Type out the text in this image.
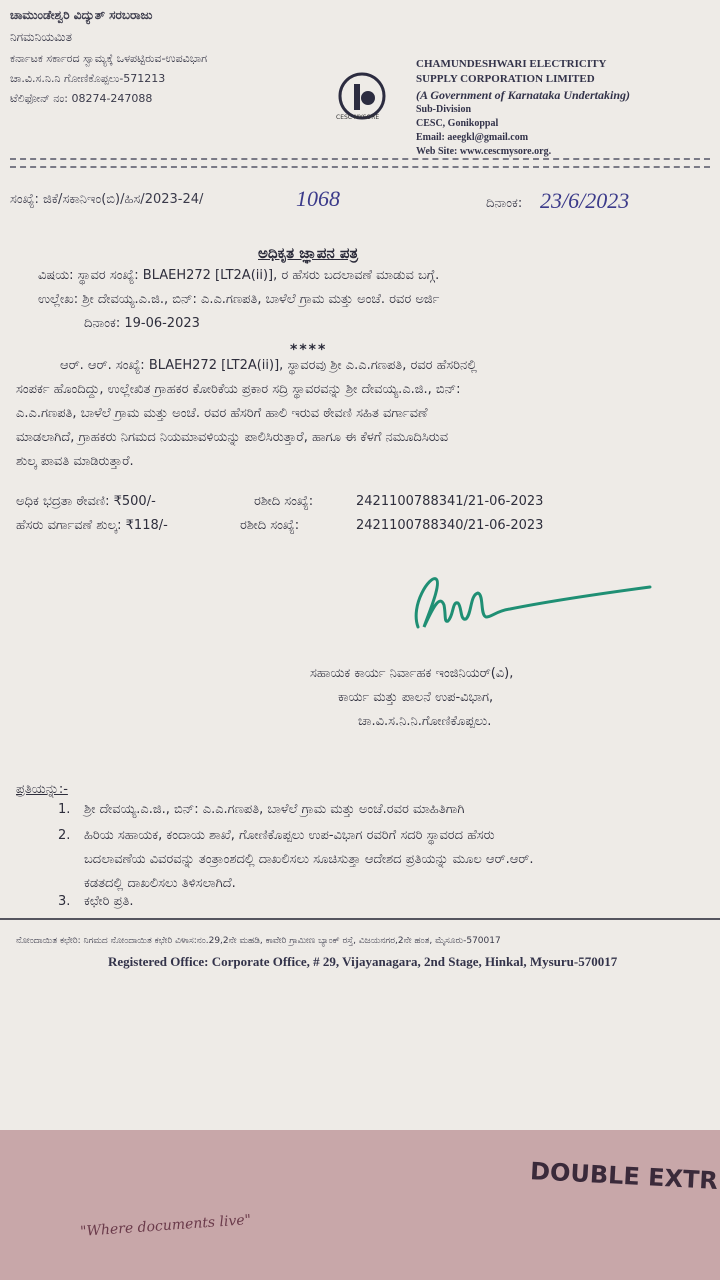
ಚಾಮುಂಡೇಶ್ವರಿ ವಿದ್ಯುತ್ ಸರಬರಾಜು
ನಿಗಮನಿಯಮಿತ
ಕರ್ನಾಟಕ ಸರ್ಕಾರದ ಸ್ವಾಮ್ಯಕ್ಕೆ ಒಳಪಟ್ಟಿರುವ-ಉಪವಿಭಾಗ
ಚಾ.ವಿ.ಸ.ನಿ.ನಿ ಗೋಣಿಕೊಪ್ಪಲು-571213
ಟೆಲಿಫೋನ್ ನಂ: 08274-247088
CESC MYSORE
CHAMUNDESHWARI ELECTRICITY
SUPPLY CORPORATION LIMITED
(A Government of Karnataka Undertaking)
Sub-Division
CESC, Gonikoppal
Email: aeegkl@gmail.com
Web Site: www.cescmysore.org.
ಸಂಖ್ಯೆ: ಜಿಕೆ/ಸಕಾನಿಇಂ(ಬಿ)/ಹಿಸ/2023-24/	1068	ದಿನಾಂಕ: 23/6/2023
ಅಧಿಕೃತ ಜ್ಞಾಪನ ಪತ್ರ
ವಿಷಯ: ಸ್ಥಾವರ ಸಂಖ್ಯೆ: BLAEH272 [LT2A(ii)], ರ ಹೆಸರು ಬದಲಾವಣೆ ಮಾಡುವ ಬಗ್ಗೆ.
ಉಲ್ಲೇಖ: ಶ್ರೀ ದೇವಯ್ಯ.ಎ.ಜಿ., ಬಿನ್: ಎ.ಎ.ಗಣಪತಿ, ಬಾಳೆಲೆ ಗ್ರಾಮ ಮತ್ತು ಅಂಚೆ. ರವರ ಅರ್ಜಿ
ದಿನಾಂಕ: 19-06-2023
****
ಆರ್. ಆರ್. ಸಂಖ್ಯೆ: BLAEH272 [LT2A(ii)], ಸ್ಥಾವರವು ಶ್ರೀ ಎ.ಎ.ಗಣಪತಿ, ರವರ ಹೆಸರಿನಲ್ಲಿ
ಸಂಪರ್ಕ ಹೊಂದಿದ್ದು, ಉಲ್ಲೇಖಿತ ಗ್ರಾಹಕರ ಕೋರಿಕೆಯ ಪ್ರಕಾರ ಸದ್ರಿ ಸ್ಥಾವರವನ್ನು ಶ್ರೀ ದೇವಯ್ಯ.ಎ.ಜಿ., ಬಿನ್:
ಎ.ಎ.ಗಣಪತಿ, ಬಾಳೆಲೆ ಗ್ರಾಮ ಮತ್ತು ಅಂಚೆ. ರವರ ಹೆಸರಿಗೆ ಹಾಲಿ ಇರುವ ಠೇವಣಿ ಸಹಿತ ವರ್ಗಾವಣೆ
ಮಾಡಲಾಗಿದೆ, ಗ್ರಾಹಕರು ನಿಗಮದ ನಿಯಮಾವಳಿಯನ್ನು ಪಾಲಿಸಿರುತ್ತಾರೆ, ಹಾಗೂ ಈ ಕೆಳಗೆ ನಮೂದಿಸಿರುವ
ಶುಲ್ಕ ಪಾವತಿ ಮಾಡಿರುತ್ತಾರೆ.
ಅಧಿಕ ಭದ್ರತಾ ಠೇವಣಿ: ₹500/-	ರಶೀದಿ ಸಂಖ್ಯೆ:	2421100788341/21-06-2023
ಹೆಸರು ವರ್ಗಾವಣೆ ಶುಲ್ಕ: ₹118/-	ರಶೀದಿ ಸಂಖ್ಯೆ:	2421100788340/21-06-2023
ಸಹಾಯಕ ಕಾರ್ಯ ನಿರ್ವಾಹಕ ಇಂಜಿನಿಯರ್(ವಿ),
ಕಾರ್ಯ ಮತ್ತು ಪಾಲನೆ ಉಪ-ವಿಭಾಗ,
ಚಾ.ವಿ.ಸ.ನಿ.ನಿ.ಗೋಣಿಕೊಪ್ಪಲು.
ಪ್ರತಿಯನ್ನು:-
1. ಶ್ರೀ ದೇವಯ್ಯ.ಎ.ಜಿ., ಬಿನ್: ಎ.ಎ.ಗಣಪತಿ, ಬಾಳೆಲೆ ಗ್ರಾಮ ಮತ್ತು ಅಂಚೆ.ರವರ ಮಾಹಿತಿಗಾಗಿ
2. ಹಿರಿಯ ಸಹಾಯಕ, ಕಂದಾಯ ಶಾಖೆ, ಗೋಣಿಕೊಪ್ಪಲು ಉಪ-ವಿಭಾಗ ರವರಿಗೆ ಸದರಿ ಸ್ಥಾವರದ ಹೆಸರು
ಬದಲಾವಣೆಯ ವಿವರವನ್ನು ತಂತ್ರಾಂಶದಲ್ಲಿ ದಾಖಲಿಸಲು ಸೂಚಿಸುತ್ತಾ ಆದೇಶದ ಪ್ರತಿಯನ್ನು ಮೂಲ ಆರ್.ಆರ್.
ಕಡತದಲ್ಲಿ ದಾಖಲಿಸಲು ತಿಳಿಸಲಾಗಿದೆ.
3. ಕಛೇರಿ ಪ್ರತಿ.
ನೋಂದಾಯಿತ ಕಛೇರಿ: ನಿಗಮದ ನೋಂದಾಯಿತ ಕಛೇರಿ ವಿಳಾಸ:ನಂ.29,2ನೇ ಮಹಡಿ, ಕಾವೇರಿ ಗ್ರಾಮೀಣ ಬ್ಯಾಂಕ್ ರಸ್ತೆ, ವಿಜಯನಗರ,2ನೇ ಹಂತ, ಮೈಸೂರು-570017
Registered Office: Corporate Office, # 29, Vijayanagara, 2nd Stage, Hinkal, Mysuru-570017
DOUBLE EXTR
"Where documents live"
